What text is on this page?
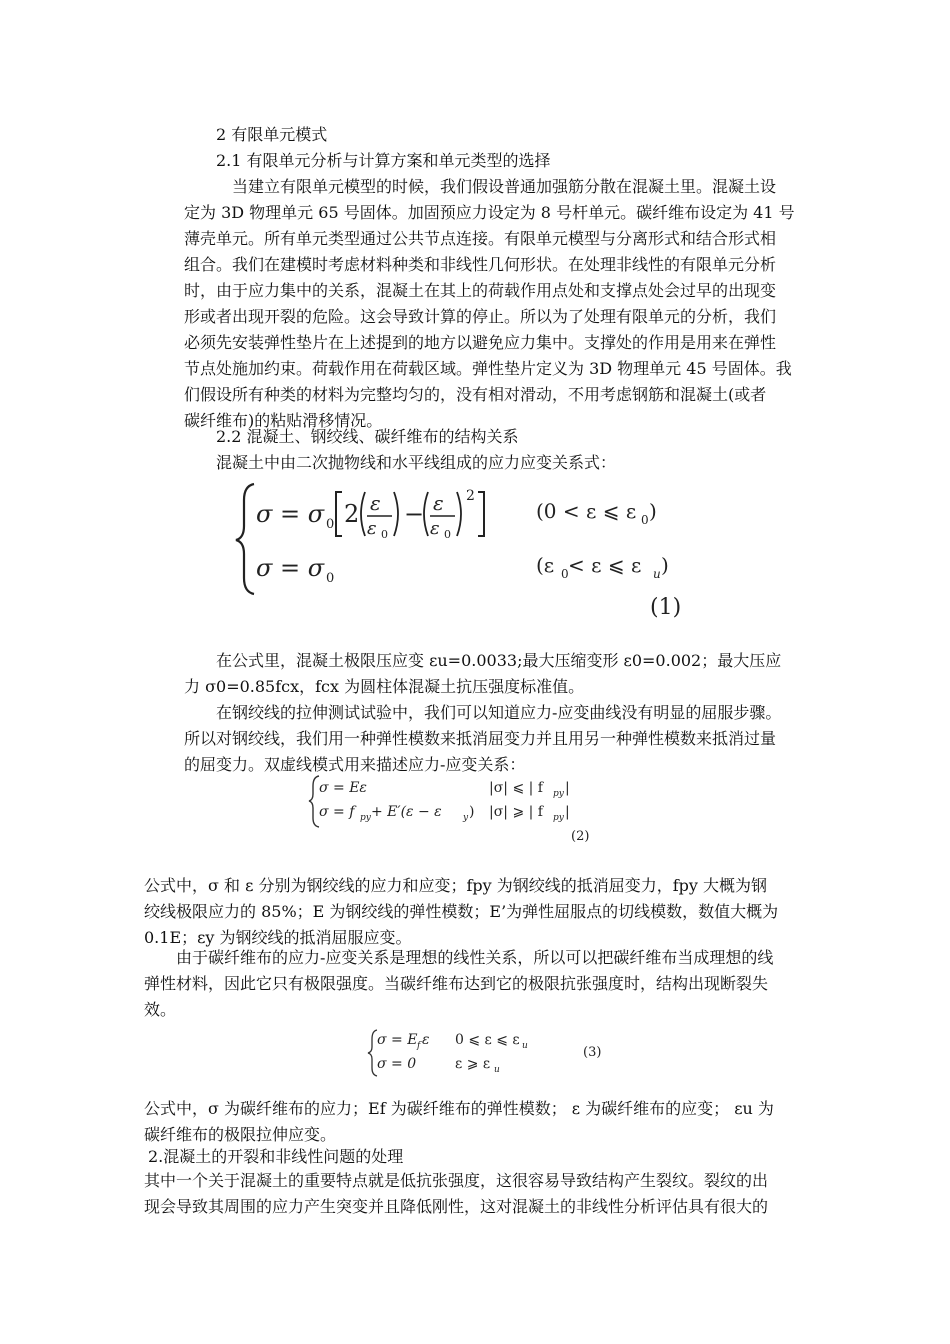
2 有限单元模式
2.1 有限单元分析与计算方案和单元类型的选择
当建立有限单元模型的时候，我们假设普通加强筋分散在混凝土里。混凝土设
定为 3D 物理单元 65 号固体。加固预应力设定为 8 号杆单元。碳纤维布设定为 41 号
薄壳单元。所有单元类型通过公共节点连接。有限单元模型与分离形式和结合形式相
组合。我们在建模时考虑材料种类和非线性几何形状。在处理非线性的有限单元分析
时，由于应力集中的关系，混凝土在其上的荷载作用点处和支撑点处会过早的出现变
形或者出现开裂的危险。这会导致计算的停止。所以为了处理有限单元的分析，我们
必须先安装弹性垫片在上述提到的地方以避免应力集中。支撑处的作用是用来在弹性
节点处施加约束。荷载作用在荷载区域。弹性垫片定义为 3D 物理单元 45 号固体。我
们假设所有种类的材料为完整均匀的，没有相对滑动，不用考虑钢筋和混凝土(或者
碳纤维布)的粘贴滑移情况。
2.2 混凝土、钢绞线、碳纤维布的结构关系
混凝土中由二次抛物线和水平线组成的应力应变关系式：
σ = σ 0 2 ε
ε 0
− ε
ε 0
2
(0 < ε ⩽ ε 0 )
σ = σ 0
(ε 0 < ε ⩽ ε u )
(1)
在公式里，混凝土极限压应变 εu=0.0033;最大压缩变形 ε0=0.002；最大压应
力 σ0=0.85fcx，fcx 为圆柱体混凝土抗压强度标准值。
在钢绞线的拉伸测试试验中，我们可以知道应力-应变曲线没有明显的屈服步骤。
所以对钢绞线，我们用一种弹性模数来抵消屈变力并且用另一种弹性模数来抵消过量
的屈变力。双虚线模式用来描述应力-应变关系：
σ = Eε	|σ| ⩽ | f py |
σ = f py + E′(ε − ε y ) |σ| ⩾ | f py |
(2)
公式中，σ 和 ε 分别为钢绞线的应力和应变；fpy 为钢绞线的抵消屈变力，fpy 大概为钢
绞线极限应力的 85%；E 为钢绞线的弹性模数；E’为弹性屈服点的切线模数，数值大概为
0.1E；εy 为钢绞线的抵消屈服应变。
由于碳纤维布的应力-应变关系是理想的线性关系，所以可以把碳纤维布当成理想的线
弹性材料，因此它只有极限强度。当碳纤维布达到它的极限抗张强度时，结构出现断裂失
效。
σ = E f ε 0 ⩽ ε ⩽ ε u
σ = 0	ε ⩾ ε u
(3)
公式中，σ 为碳纤维布的应力；Ef 为碳纤维布的弹性模数； ε 为碳纤维布的应变； εu 为
碳纤维布的极限拉伸应变。
2.混凝土的开裂和非线性问题的处理
其中一个关于混凝土的重要特点就是低抗张强度，这很容易导致结构产生裂纹。裂纹的出
现会导致其周围的应力产生突变并且降低刚性，这对混凝土的非线性分析评估具有很大的
